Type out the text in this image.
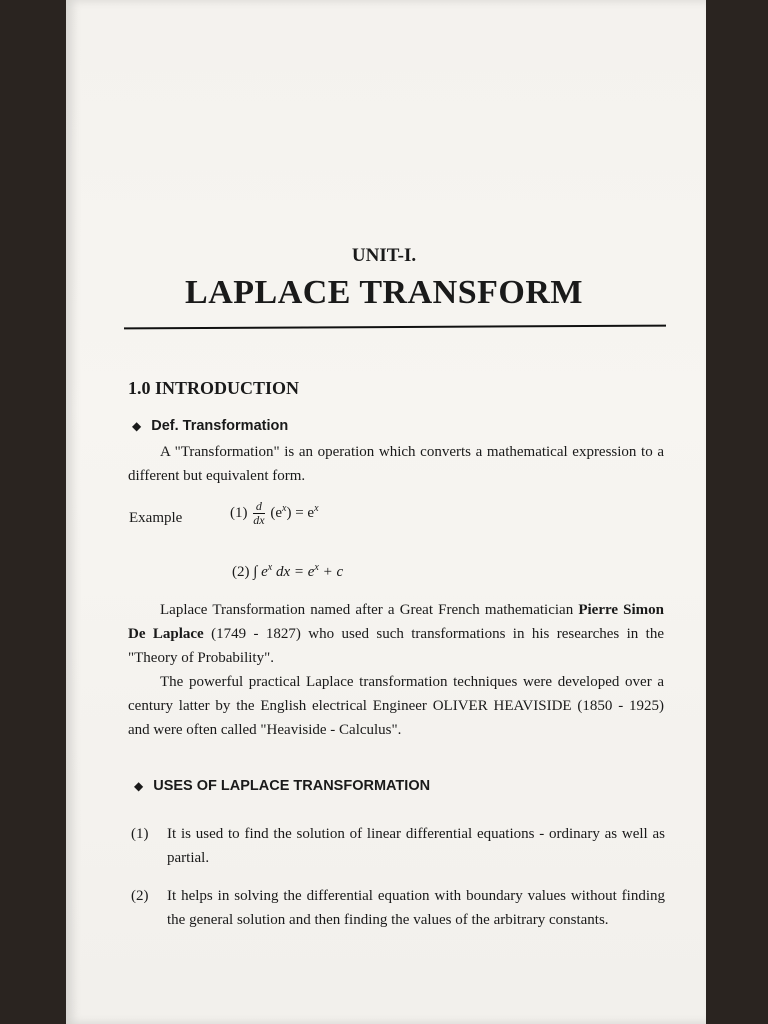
UNIT-I.
LAPLACE TRANSFORM
1.0 INTRODUCTION
◆ Def. Transformation
A "Transformation" is an operation which converts a mathematical expression to a different but equivalent form.
Example	$(1) \frac{d}{dx} (e^x) = e^x$
(2) ∫ $e^x$ dx = $e^x + c$
Laplace Transformation named after a Great French mathematician Pierre Simon De Laplace (1749 - 1827) who used such transformations in his researches in the "Theory of Probability".
The powerful practical Laplace transformation techniques were developed over a century latter by the English electrical Engineer OLIVER HEAVISIDE (1850 - 1925) and were often called "Heaviside - Calculus".
◆ USES OF LAPLACE TRANSFORMATION
(1) It is used to find the solution of linear differential equations - ordinary as well as partial.
(2) It helps in solving the differential equation with boundary values without finding the general solution and then finding the values of the arbitrary constants.
